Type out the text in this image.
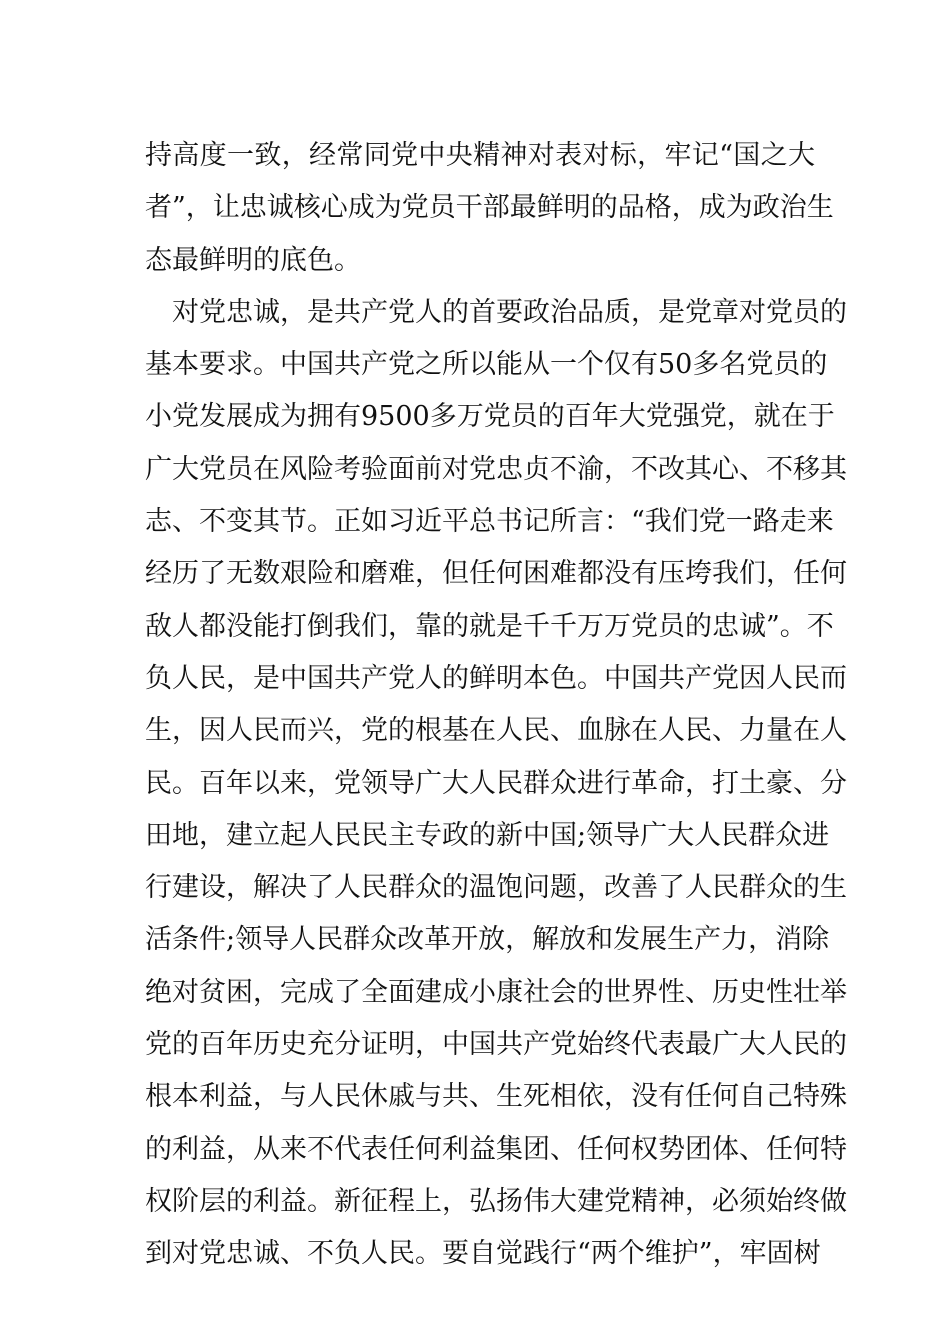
持高度一致，经常同党中央精神对表对标，牢记“国之大
者”，让忠诚核心成为党员干部最鲜明的品格，成为政治生
态最鲜明的底色。
对党忠诚，是共产党人的首要政治品质，是党章对党员的
基本要求。中国共产党之所以能从一个仅有50多名党员的
小党发展成为拥有9500多万党员的百年大党强党，就在于
广大党员在风险考验面前对党忠贞不渝，不改其心、不移其
志、不变其节。正如习近平总书记所言：“我们党一路走来
经历了无数艰险和磨难，但任何困难都没有压垮我们，任何
敌人都没能打倒我们，靠的就是千千万万党员的忠诚”。不
负人民，是中国共产党人的鲜明本色。中国共产党因人民而
生，因人民而兴，党的根基在人民、血脉在人民、力量在人
民。百年以来，党领导广大人民群众进行革命，打土豪、分
田地，建立起人民民主专政的新中国;领导广大人民群众进
行建设，解决了人民群众的温饱问题，改善了人民群众的生
活条件;领导人民群众改革开放，解放和发展生产力，消除
绝对贫困，完成了全面建成小康社会的世界性、历史性壮举
党的百年历史充分证明，中国共产党始终代表最广大人民的
根本利益，与人民休戚与共、生死相依，没有任何自己特殊
的利益，从来不代表任何利益集团、任何权势团体、任何特
权阶层的利益。新征程上，弘扬伟大建党精神，必须始终做
到对党忠诚、不负人民。要自觉践行“两个维护”，牢固树
